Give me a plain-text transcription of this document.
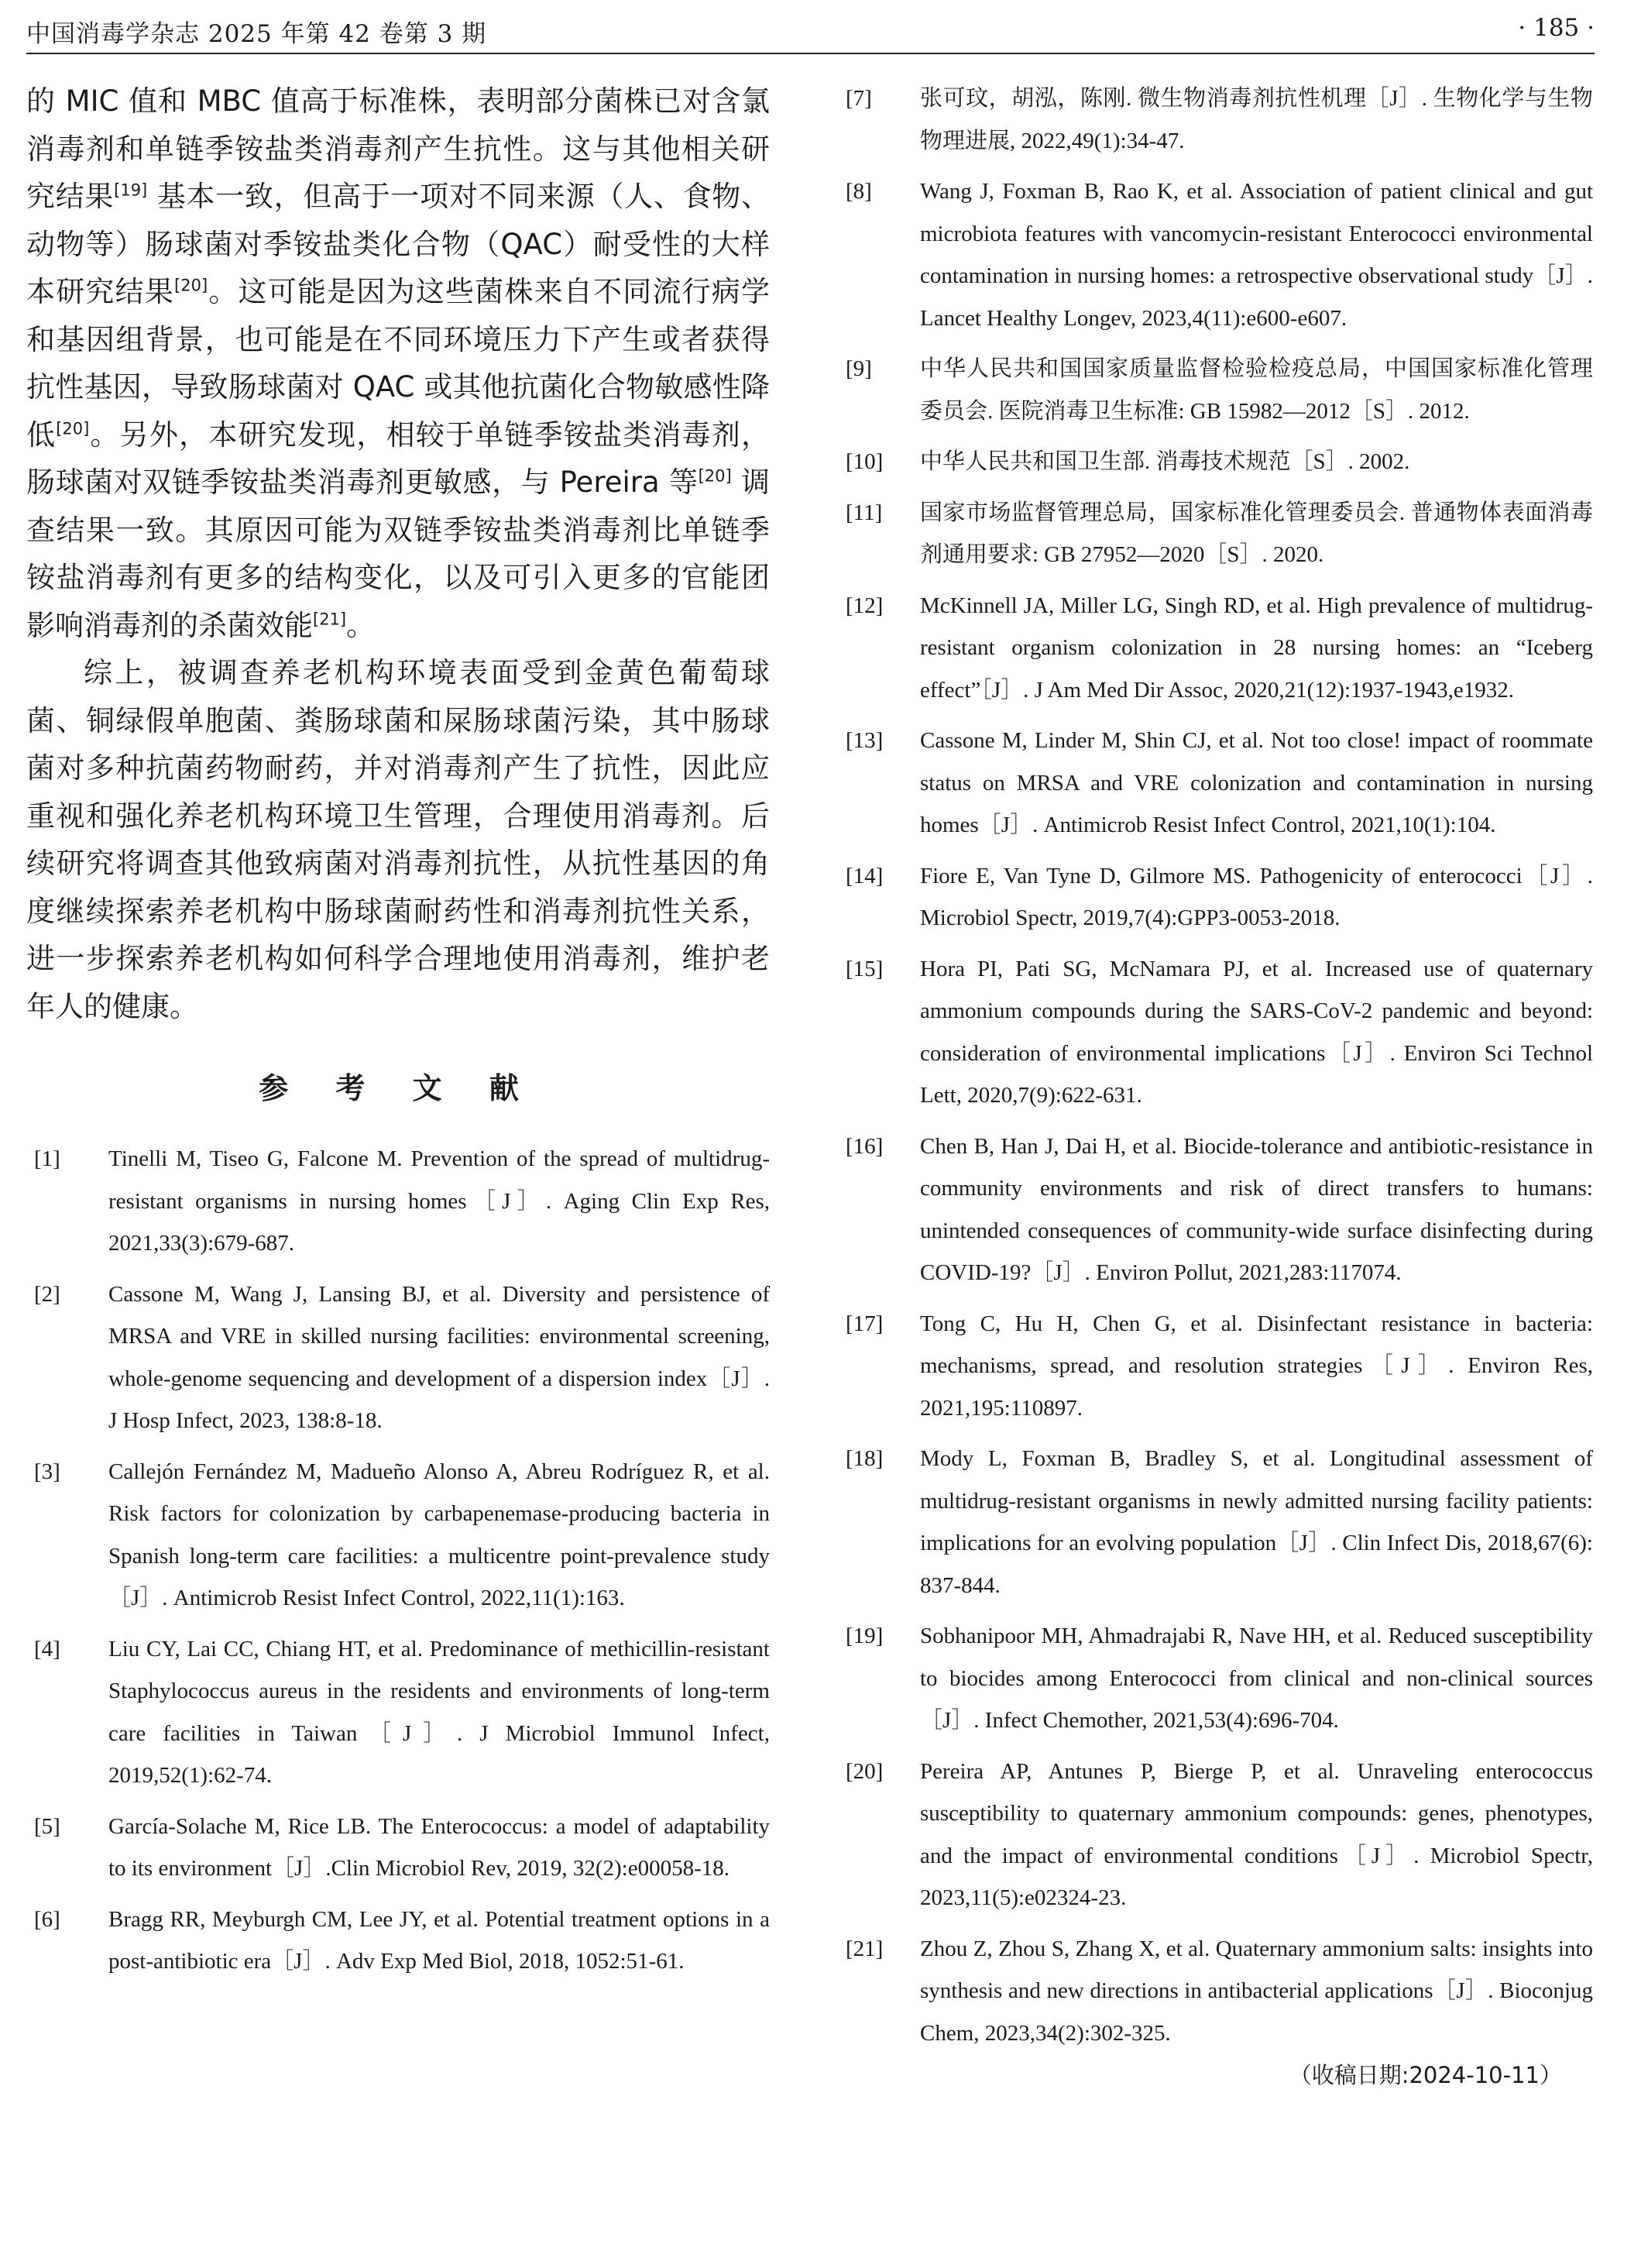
中国消毒学杂志 2025 年第 42 卷第 3 期	· 185 ·

的 MIC 值和 MBC 值高于标准株，表明部分菌株已对含氯消毒剂和单链季铵盐类消毒剂产生抗性。这与其他相关研究结果[19] 基本一致，但高于一项对不同来源（人、食物、动物等）肠球菌对季铵盐类化合物（QAC）耐受性的大样本研究结果[20]。这可能是因为这些菌株来自不同流行病学和基因组背景，也可能是在不同环境压力下产生或者获得抗性基因，导致肠球菌对 QAC 或其他抗菌化合物敏感性降低[20]。另外，本研究发现，相较于单链季铵盐类消毒剂，肠球菌对双链季铵盐类消毒剂更敏感，与 Pereira 等[20] 调查结果一致。其原因可能为双链季铵盐类消毒剂比单链季铵盐消毒剂有更多的结构变化，以及可引入更多的官能团影响消毒剂的杀菌效能[21]。

综上，被调查养老机构环境表面受到金黄色葡萄球菌、铜绿假单胞菌、粪肠球菌和屎肠球菌污染，其中肠球菌对多种抗菌药物耐药，并对消毒剂产生了抗性，因此应重视和强化养老机构环境卫生管理，合理使用消毒剂。后续研究将调查其他致病菌对消毒剂抗性，从抗性基因的角度继续探索养老机构中肠球菌耐药性和消毒剂抗性关系，进一步探索养老机构如何科学合理地使用消毒剂，维护老年人的健康。

参 考 文 献
[1] Tinelli M, Tiseo G, Falcone M. Prevention of the spread of multidrug-resistant organisms in nursing homes［J］. Aging Clin Exp Res, 2021,33(3):679-687.
[2] Cassone M, Wang J, Lansing BJ, et al. Diversity and persistence of MRSA and VRE in skilled nursing facilities: environmental screening, whole-genome sequencing and development of a dispersion index［J］. J Hosp Infect, 2023, 138:8-18.
[3] Callejón Fernández M, Madueño Alonso A, Abreu Rodríguez R, et al. Risk factors for colonization by carbapenemase-producing bacteria in Spanish long-term care facilities: a multicentre point-prevalence study［J］. Antimicrob Resist Infect Control, 2022,11(1):163.
[4] Liu CY, Lai CC, Chiang HT, et al. Predominance of methicillin-resistant Staphylococcus aureus in the residents and environments of long-term care facilities in Taiwan［J］. J Microbiol Immunol Infect, 2019,52(1):62-74.
[5] García-Solache M, Rice LB. The Enterococcus: a model of adaptability to its environment［J］.Clin Microbiol Rev, 2019, 32(2):e00058-18.
[6] Bragg RR, Meyburgh CM, Lee JY, et al. Potential treatment options in a post-antibiotic era［J］. Adv Exp Med Biol, 2018, 1052:51-61.
[7] 张可玟，胡泓，陈刚. 微生物消毒剂抗性机理［J］. 生物化学与生物物理进展, 2022,49(1):34-47.
[8] Wang J, Foxman B, Rao K, et al. Association of patient clinical and gut microbiota features with vancomycin-resistant Enterococci environmental contamination in nursing homes: a retrospective observational study［J］. Lancet Healthy Longev, 2023,4(11):e600-e607.
[9] 中华人民共和国国家质量监督检验检疫总局，中国国家标准化管理委员会. 医院消毒卫生标准: GB 15982—2012［S］. 2012.
[10] 中华人民共和国卫生部. 消毒技术规范［S］. 2002.
[11] 国家市场监督管理总局，国家标准化管理委员会. 普通物体表面消毒剂通用要求: GB 27952—2020［S］. 2020.
[12] McKinnell JA, Miller LG, Singh RD, et al. High prevalence of multidrug-resistant organism colonization in 28 nursing homes: an “Iceberg effect”［J］. J Am Med Dir Assoc, 2020,21(12):1937-1943,e1932.
[13] Cassone M, Linder M, Shin CJ, et al. Not too close! impact of roommate status on MRSA and VRE colonization and contamination in nursing homes［J］. Antimicrob Resist Infect Control, 2021,10(1):104.
[14] Fiore E, Van Tyne D, Gilmore MS. Pathogenicity of enterococci［J］. Microbiol Spectr, 2019,7(4):GPP3-0053-2018.
[15] Hora PI, Pati SG, McNamara PJ, et al. Increased use of quaternary ammonium compounds during the SARS-CoV-2 pandemic and beyond: consideration of environmental implications［J］. Environ Sci Technol Lett, 2020,7(9):622-631.
[16] Chen B, Han J, Dai H, et al. Biocide-tolerance and antibiotic-resistance in community environments and risk of direct transfers to humans: unintended consequences of community-wide surface disinfecting during COVID-19?［J］. Environ Pollut, 2021,283:117074.
[17] Tong C, Hu H, Chen G, et al. Disinfectant resistance in bacteria: mechanisms, spread, and resolution strategies［J］. Environ Res, 2021,195:110897.
[18] Mody L, Foxman B, Bradley S, et al. Longitudinal assessment of multidrug-resistant organisms in newly admitted nursing facility patients: implications for an evolving population［J］. Clin Infect Dis, 2018,67(6): 837-844.
[19] Sobhanipoor MH, Ahmadrajabi R, Nave HH, et al. Reduced susceptibility to biocides among Enterococci from clinical and non-clinical sources［J］. Infect Chemother, 2021,53(4):696-704.
[20] Pereira AP, Antunes P, Bierge P, et al. Unraveling enterococcus susceptibility to quaternary ammonium compounds: genes, phenotypes, and the impact of environmental conditions［J］. Microbiol Spectr, 2023,11(5):e02324-23.
[21] Zhou Z, Zhou S, Zhang X, et al. Quaternary ammonium salts: insights into synthesis and new directions in antibacterial applications［J］. Bioconjug Chem, 2023,34(2):302-325.
（收稿日期:2024-10-11）
